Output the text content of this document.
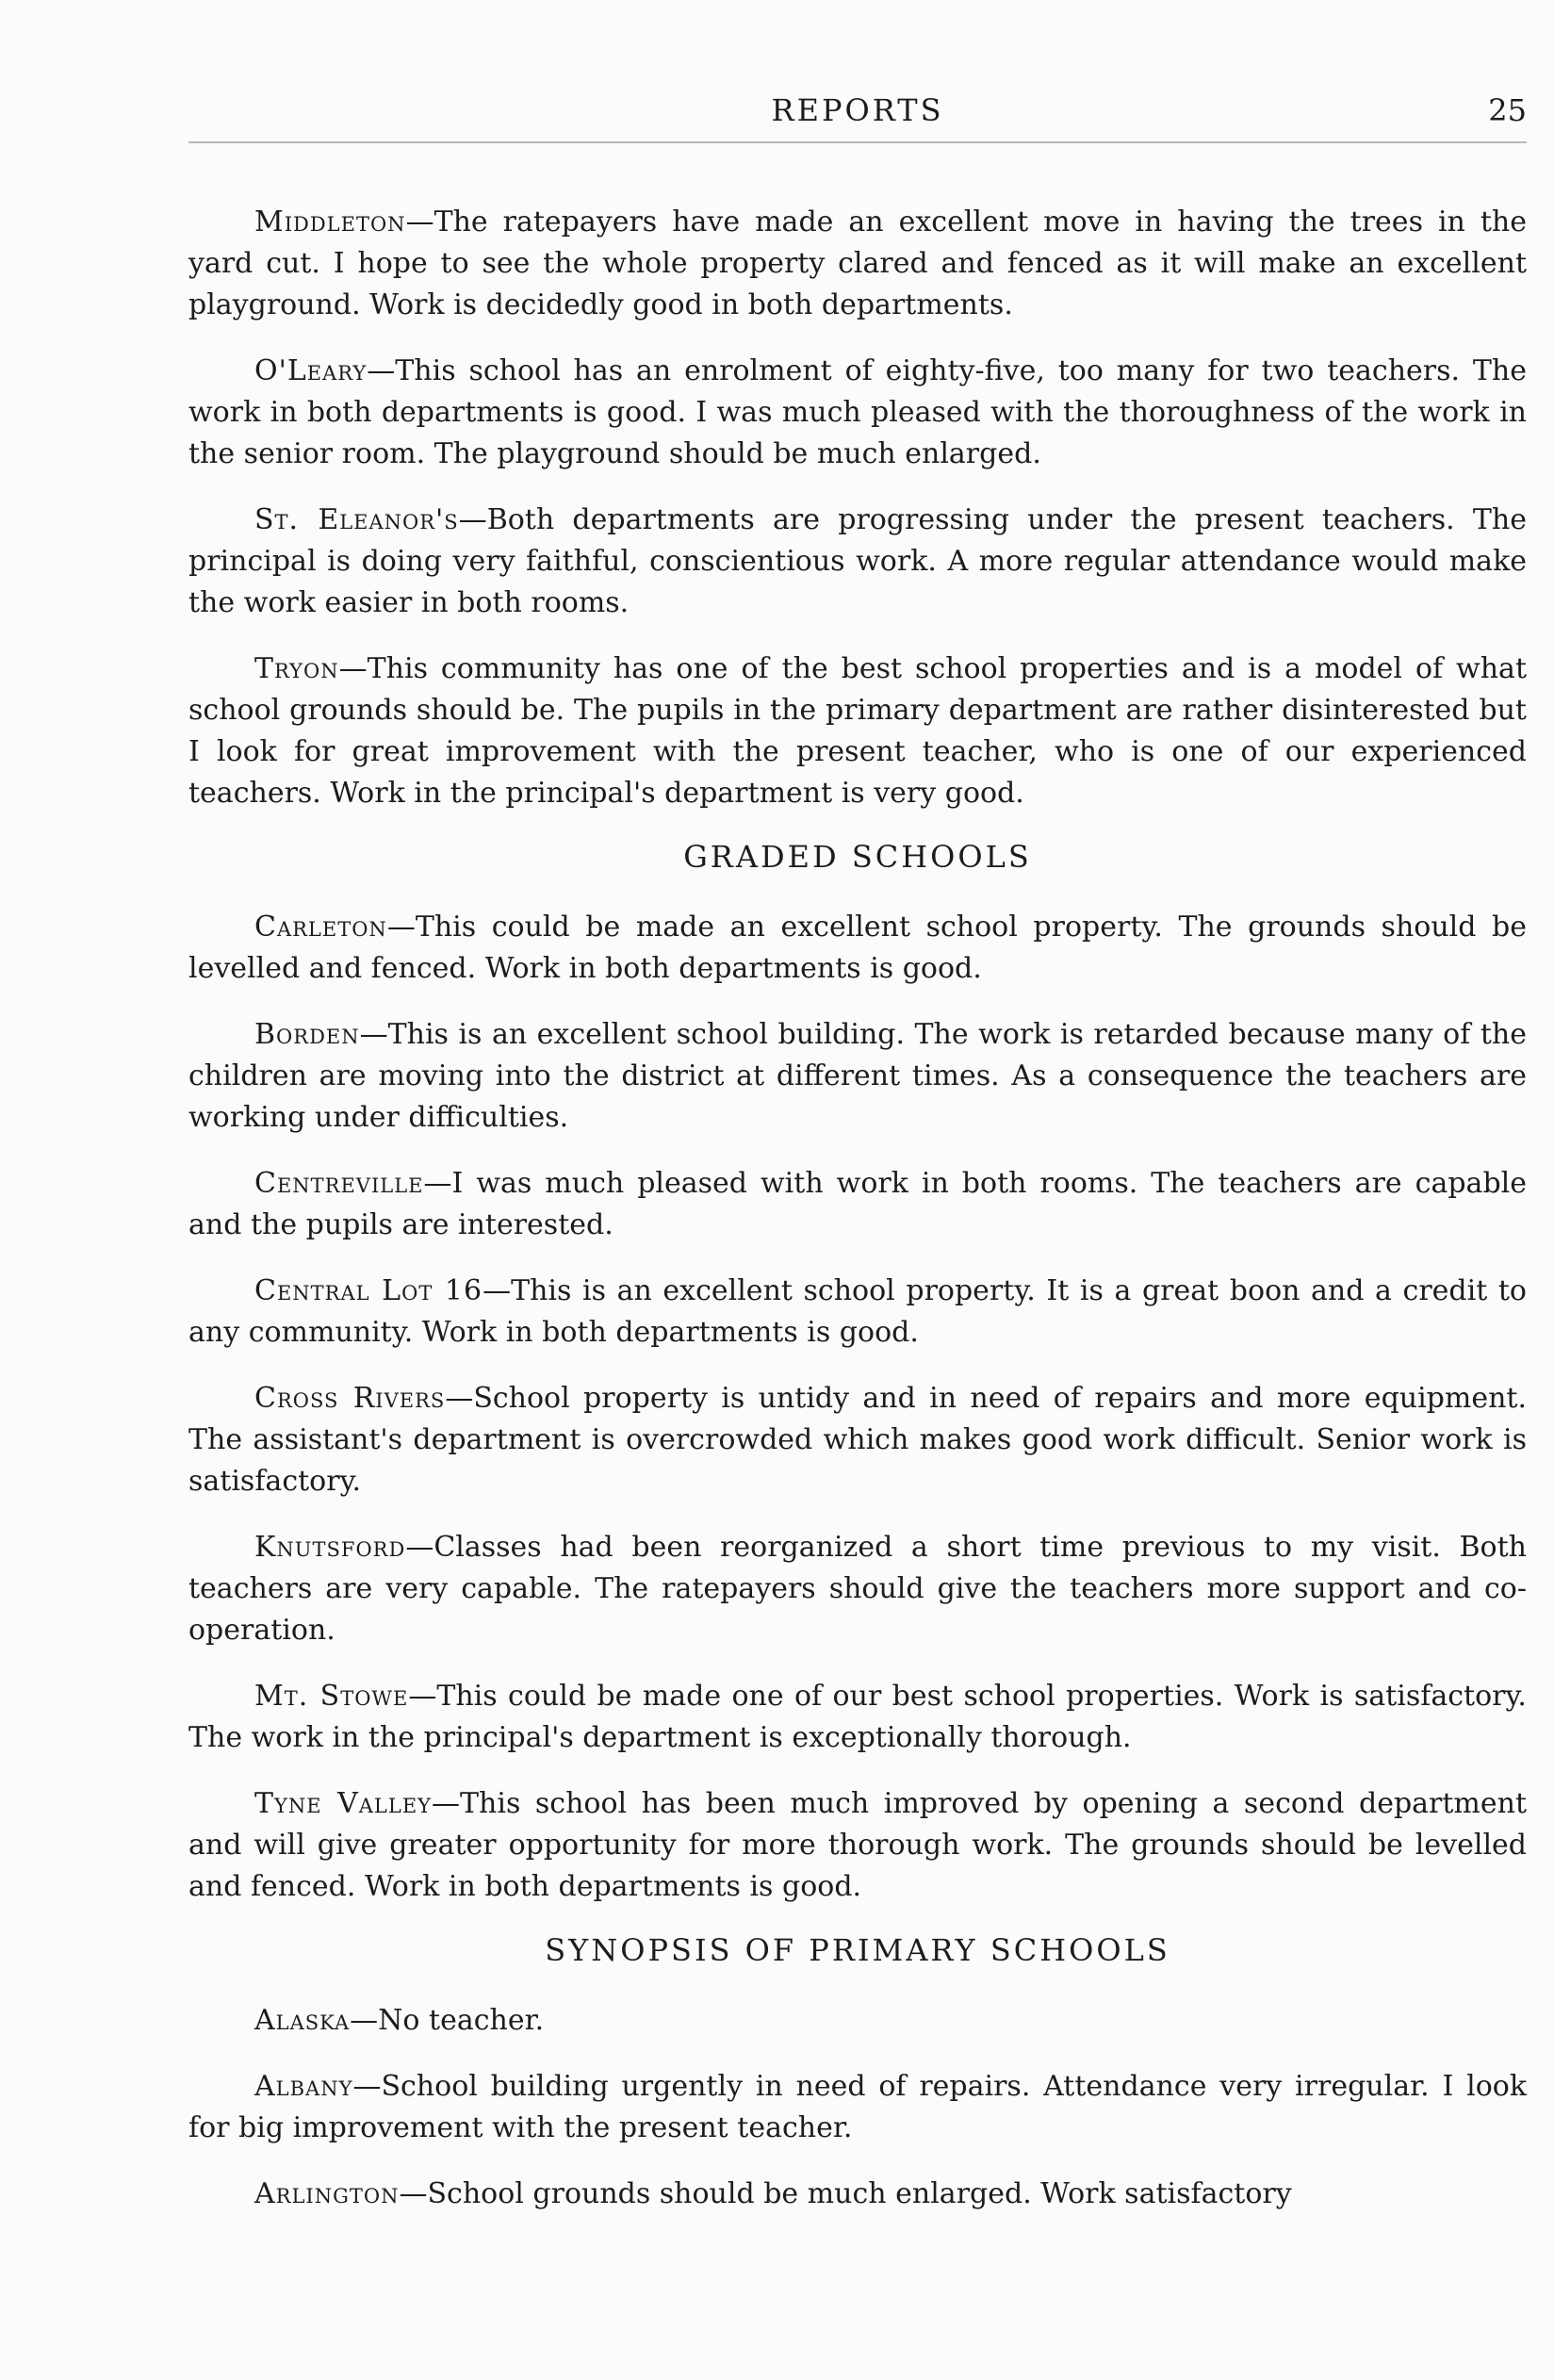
REPORTS	25

Middleton—The ratepayers have made an excellent move in having the trees in the yard cut. I hope to see the whole property clared and fenced as it will make an excellent playground. Work is decidedly good in both departments.

O'Leary—This school has an enrolment of eighty-five, too many for two teachers. The work in both departments is good. I was much pleased with the thoroughness of the work in the senior room. The playground should be much enlarged.

St. Eleanor's—Both departments are progressing under the present teachers. The principal is doing very faithful, conscientious work. A more regular attendance would make the work easier in both rooms.

Tryon—This community has one of the best school properties and is a model of what school grounds should be. The pupils in the primary department are rather disinterested but I look for great improvement with the present teacher, who is one of our experienced teachers. Work in the principal's department is very good.

GRADED SCHOOLS

Carleton—This could be made an excellent school property. The grounds should be levelled and fenced. Work in both departments is good.

Borden—This is an excellent school building. The work is retarded because many of the children are moving into the district at different times. As a consequence the teachers are working under difficulties.

Centreville—I was much pleased with work in both rooms. The teachers are capable and the pupils are interested.

Central Lot 16—This is an excellent school property. It is a great boon and a credit to any community. Work in both departments is good.

Cross Rivers—School property is untidy and in need of repairs and more equipment. The assistant's department is overcrowded which makes good work difficult. Senior work is satisfactory.

Knutsford—Classes had been reorganized a short time previous to my visit. Both teachers are very capable. The ratepayers should give the teachers more support and co-operation.

Mt. Stowe—This could be made one of our best school properties. Work is satisfactory. The work in the principal's department is exceptionally thorough.

Tyne Valley—This school has been much improved by opening a second department and will give greater opportunity for more thorough work. The grounds should be levelled and fenced. Work in both departments is good.

SYNOPSIS OF PRIMARY SCHOOLS

Alaska—No teacher.

Albany—School building urgently in need of repairs. Attendance very irregular. I look for big improvement with the present teacher.

Arlington—School grounds should be much enlarged. Work satisfactory
